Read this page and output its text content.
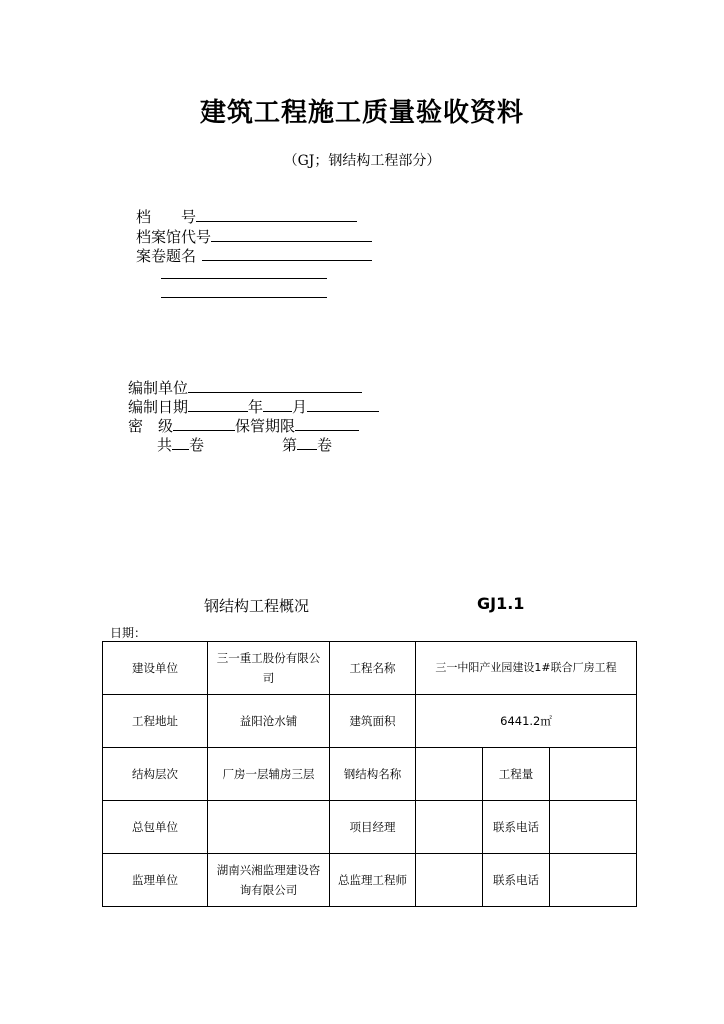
建筑工程施工质量验收资料
（GJ；钢结构工程部分）
档　　号
档案馆代号
案卷题名
编制单位
编制日期	年 月
密　级	保管期限
共 卷	第 卷
钢结构工程概况	GJ1.1
日期：
建设单位	三一重工股份有限公司	工程名称	三一中阳产业园建设1#联合厂房工程		
工程地址	益阳沧水铺	建筑面积	6441.2㎡		
结构层次	厂房一层辅房三层	钢结构名称		工程量	
总包单位		项目经理		联系电话	
监理单位	湖南兴湘监理建设咨询有限公司	总监理工程师		联系电话	
